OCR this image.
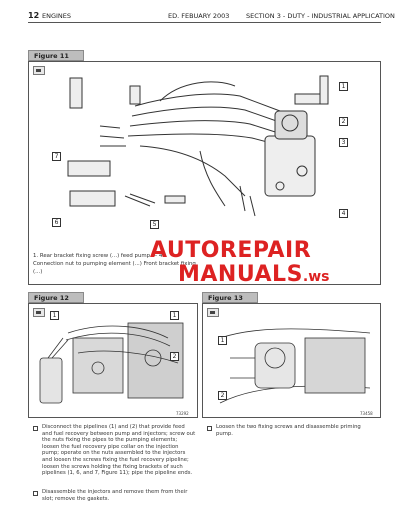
12 ENGINES	ED. FEBUARY 2003	SECTION 3 - DUTY - INDUSTRIAL APPLICATION
Figure 11
1
2
3
4
5
6
7
1. Rear bracket fixing screw (...) feed pump — 4.
Connection nut to pumping element (...) Front bracket fixing
(...)
AUTOREPAIR
MANUALS.ws
Figure 12
1	1
2
73292
Disconnect the pipelines (1) and (2) that provide feed and fuel recovery between pump and injectors; screw out the nuts fixing the pipes to the pumping elements; loosen the fuel recovery pipe collar on the injection pump; operate on the nuts assembled to the injectors and loosen the screws fixing the fuel recovery pipeline; loosen the screws holding the fixing brackets of such pipelines (1, 6, and 7, Figure 11); pipe the pipeline ends.
Disassemble the injectors and remove them from their slot; remove the gaskets.
Figure 13
1
2
73458
Loosen the two fixing screws and disassemble priming pump.
